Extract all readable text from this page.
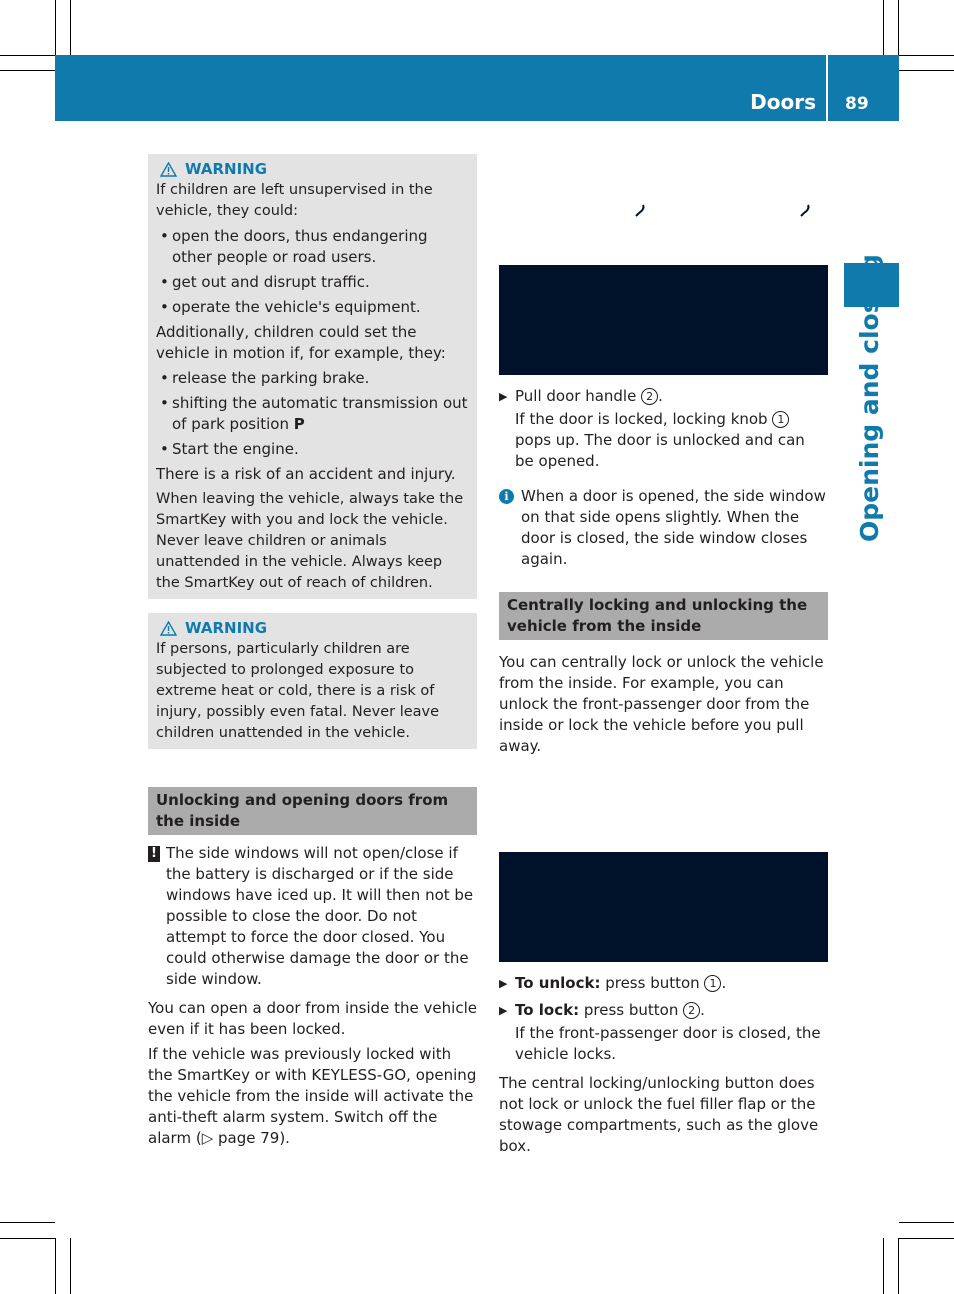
Doors 89
Opening and closing
WARNING

If children are left unsupervised in the vehicle, they could:

• open the doors, thus endangering other people or road users.
• get out and disrupt traffic.
• operate the vehicle's equipment.

Additionally, children could set the vehicle in motion if, for example, they:

• release the parking brake.
• shifting the automatic transmission out of park position P
• Start the engine.

There is a risk of an accident and injury.

When leaving the vehicle, always take the SmartKey with you and lock the vehicle. Never leave children or animals unattended in the vehicle. Always keep the SmartKey out of reach of children.

WARNING

If persons, particularly children are subjected to prolonged exposure to extreme heat or cold, there is a risk of injury, possibly even fatal. Never leave children unattended in the vehicle.

Unlocking and opening doors from the inside
! The side windows will not open/close if the battery is discharged or if the side windows have iced up. It will then not be possible to close the door. Do not attempt to force the door closed. You could otherwise damage the door or the side window.

You can open a door from inside the vehicle even if it has been locked.

If the vehicle was previously locked with the SmartKey or with KEYLESS-GO, opening the vehicle from the inside will activate the anti-theft alarm system. Switch off the alarm (▷ page 79).

▶ Pull door handle 2 .

If the door is locked, locking knob 1 pops up. The door is unlocked and can be opened.

i When a door is opened, the side window on that side opens slightly. When the door is closed, the side window closes again.
Centrally locking and unlocking the vehicle from the inside

You can centrally lock or unlock the vehicle from the inside. For example, you can unlock the front-passenger door from the inside or lock the vehicle before you pull away.

▶ To unlock: press button 1 .

▶ To lock: press button 2 .

If the front-passenger door is closed, the vehicle locks.

The central locking/unlocking button does not lock or unlock the fuel filler flap or the stowage compartments, such as the glove box.
